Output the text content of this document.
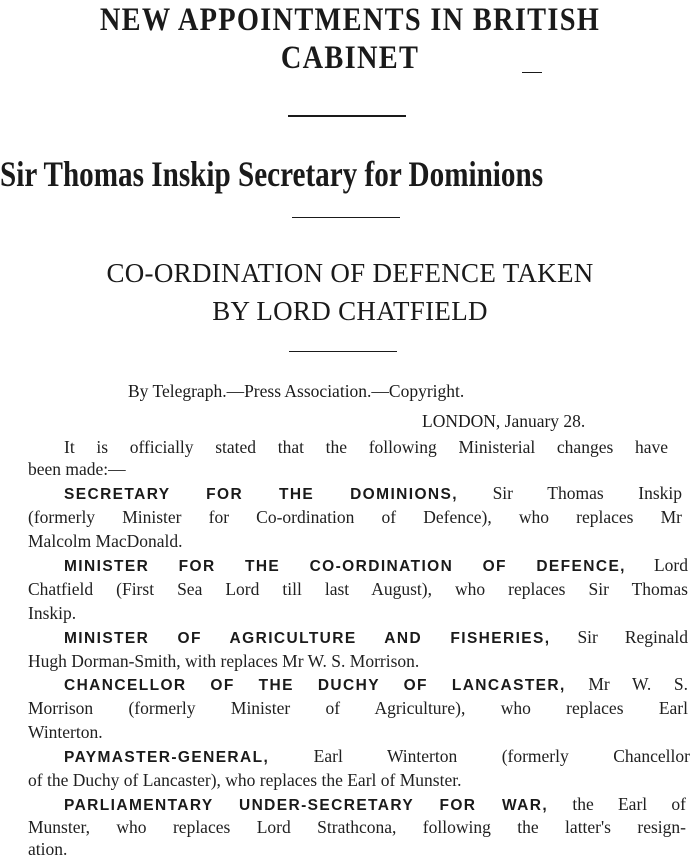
NEW APPOINTMENTS IN BRITISH
CABINET
Sir Thomas Inskip Secretary for Dominions
CO-ORDINATION OF DEFENCE TAKEN
BY LORD CHATFIELD
By Telegraph.—Press Association.—Copyright.
LONDON, January 28.
It is officially stated that the following Ministerial changes have
been made:—
SECRETARY FOR THE DOMINIONS, Sir Thomas Inskip
(formerly Minister for Co-ordination of Defence), who replaces Mr
Malcolm MacDonald.
MINISTER FOR THE CO-ORDINATION OF DEFENCE, Lord
Chatfield (First Sea Lord till last August), who replaces Sir Thomas
Inskip.
MINISTER OF AGRICULTURE AND FISHERIES, Sir Reginald
Hugh Dorman-Smith, with replaces Mr W. S. Morrison.
CHANCELLOR OF THE DUCHY OF LANCASTER, Mr W. S.
Morrison (formerly Minister of Agriculture), who replaces Earl
Winterton.
PAYMASTER-GENERAL, Earl Winterton (formerly Chancellor
of the Duchy of Lancaster), who replaces the Earl of Munster.
PARLIAMENTARY UNDER-SECRETARY FOR WAR, the Earl of
Munster, who replaces Lord Strathcona, following the latter's resign-
ation.
